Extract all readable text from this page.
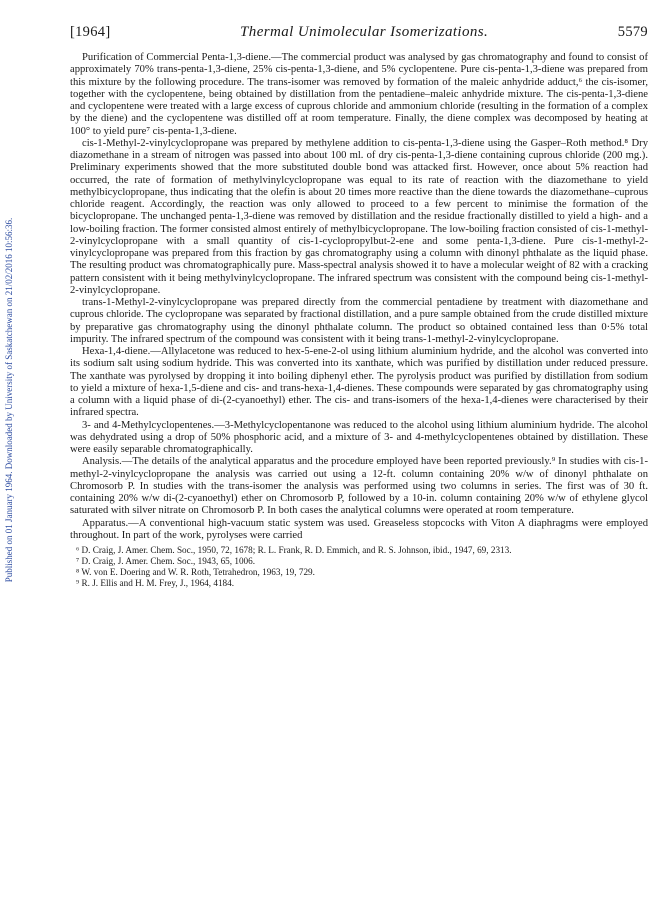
Published on 01 January 1964. Downloaded by University of Saskatchewan on 21/02/2016 10:56:36.
[1964]	Thermal Unimolecular Isomerizations.	5579

Purification of Commercial Penta-1,3-diene.—The commercial product was analysed by gas chromatography and found to consist of approximately 70% trans-penta-1,3-diene, 25% cis-penta-1,3-diene, and 5% cyclopentene. Pure cis-penta-1,3-diene was prepared from this mixture by the following procedure. The trans-isomer was removed by formation of the maleic anhydride adduct,⁶ the cis-isomer, together with the cyclopentene, being obtained by distillation from the pentadiene–maleic anhydride mixture. The cis-penta-1,3-diene and cyclopentene were treated with a large excess of cuprous chloride and ammonium chloride (resulting in the formation of a complex by the diene) and the cyclopentene was distilled off at room temperature. Finally, the diene complex was decomposed by heating at 100° to yield pure⁷ cis-penta-1,3-diene.

cis-1-Methyl-2-vinylcyclopropane was prepared by methylene addition to cis-penta-1,3-diene using the Gasper–Roth method.⁸ Dry diazomethane in a stream of nitrogen was passed into about 100 ml. of dry cis-penta-1,3-diene containing cuprous chloride (200 mg.). Preliminary experiments showed that the more substituted double bond was attacked first. However, once about 5% reaction had occurred, the rate of formation of methylvinylcyclopropane was equal to its rate of reaction with the diazomethane to yield methylbicyclopropane, thus indicating that the olefin is about 20 times more reactive than the diene towards the diazomethane–cuprous chloride reagent. Accordingly, the reaction was only allowed to proceed to a few percent to minimise the formation of the bicyclopropane. The unchanged penta-1,3-diene was removed by distillation and the residue fractionally distilled to yield a high- and a low-boiling fraction. The former consisted almost entirely of methylbicyclopropane. The low-boiling fraction consisted of cis-1-methyl-2-vinylcyclopropane with a small quantity of cis-1-cyclopropylbut-2-ene and some penta-1,3-diene. Pure cis-1-methyl-2-vinylcyclopropane was prepared from this fraction by gas chromatography using a column with dinonyl phthalate as the liquid phase. The resulting product was chromatographically pure. Mass-spectral analysis showed it to have a molecular weight of 82 with a cracking pattern consistent with it being methylvinylcyclopropane. The infrared spectrum was consistent with the compound being cis-1-methyl-2-vinylcyclopropane.

trans-1-Methyl-2-vinylcyclopropane was prepared directly from the commercial pentadiene by treatment with diazomethane and cuprous chloride. The cyclopropane was separated by fractional distillation, and a pure sample obtained from the crude distilled mixture by preparative gas chromatography using the dinonyl phthalate column. The product so obtained contained less than 0·5% total impurity. The infrared spectrum of the compound was consistent with it being trans-1-methyl-2-vinylcyclopropane.

Hexa-1,4-diene.—Allylacetone was reduced to hex-5-ene-2-ol using lithium aluminium hydride, and the alcohol was converted into its sodium salt using sodium hydride. This was converted into its xanthate, which was purified by distillation under reduced pressure. The xanthate was pyrolysed by dropping it into boiling diphenyl ether. The pyrolysis product was purified by distillation from sodium to yield a mixture of hexa-1,5-diene and cis- and trans-hexa-1,4-dienes. These compounds were separated by gas chromatography using a column with a liquid phase of di-(2-cyanoethyl) ether. The cis- and trans-isomers of the hexa-1,4-dienes were characterised by their infrared spectra.

3- and 4-Methylcyclopentenes.—3-Methylcyclopentanone was reduced to the alcohol using lithium aluminium hydride. The alcohol was dehydrated using a drop of 50% phosphoric acid, and a mixture of 3- and 4-methylcyclopentenes obtained by distillation. These were easily separable chromatographically.

Analysis.—The details of the analytical apparatus and the procedure employed have been reported previously.⁹ In studies with cis-1-methyl-2-vinylcyclopropane the analysis was carried out using a 12-ft. column containing 20% w/w of dinonyl phthalate on Chromosorb P. In studies with the trans-isomer the analysis was performed using two columns in series. The first was of 30 ft. containing 20% w/w di-(2-cyanoethyl) ether on Chromosorb P, followed by a 10-in. column containing 20% w/w of ethylene glycol saturated with silver nitrate on Chromosorb P. In both cases the analytical columns were operated at room temperature.

Apparatus.—A conventional high-vacuum static system was used. Greaseless stopcocks with Viton A diaphragms were employed throughout. In part of the work, pyrolyses were carried

⁶ D. Craig, J. Amer. Chem. Soc., 1950, 72, 1678; R. L. Frank, R. D. Emmich, and R. S. Johnson, ibid., 1947, 69, 2313.
⁷ D. Craig, J. Amer. Chem. Soc., 1943, 65, 1006.
⁸ W. von E. Doering and W. R. Roth, Tetrahedron, 1963, 19, 729.
⁹ R. J. Ellis and H. M. Frey, J., 1964, 4184.
